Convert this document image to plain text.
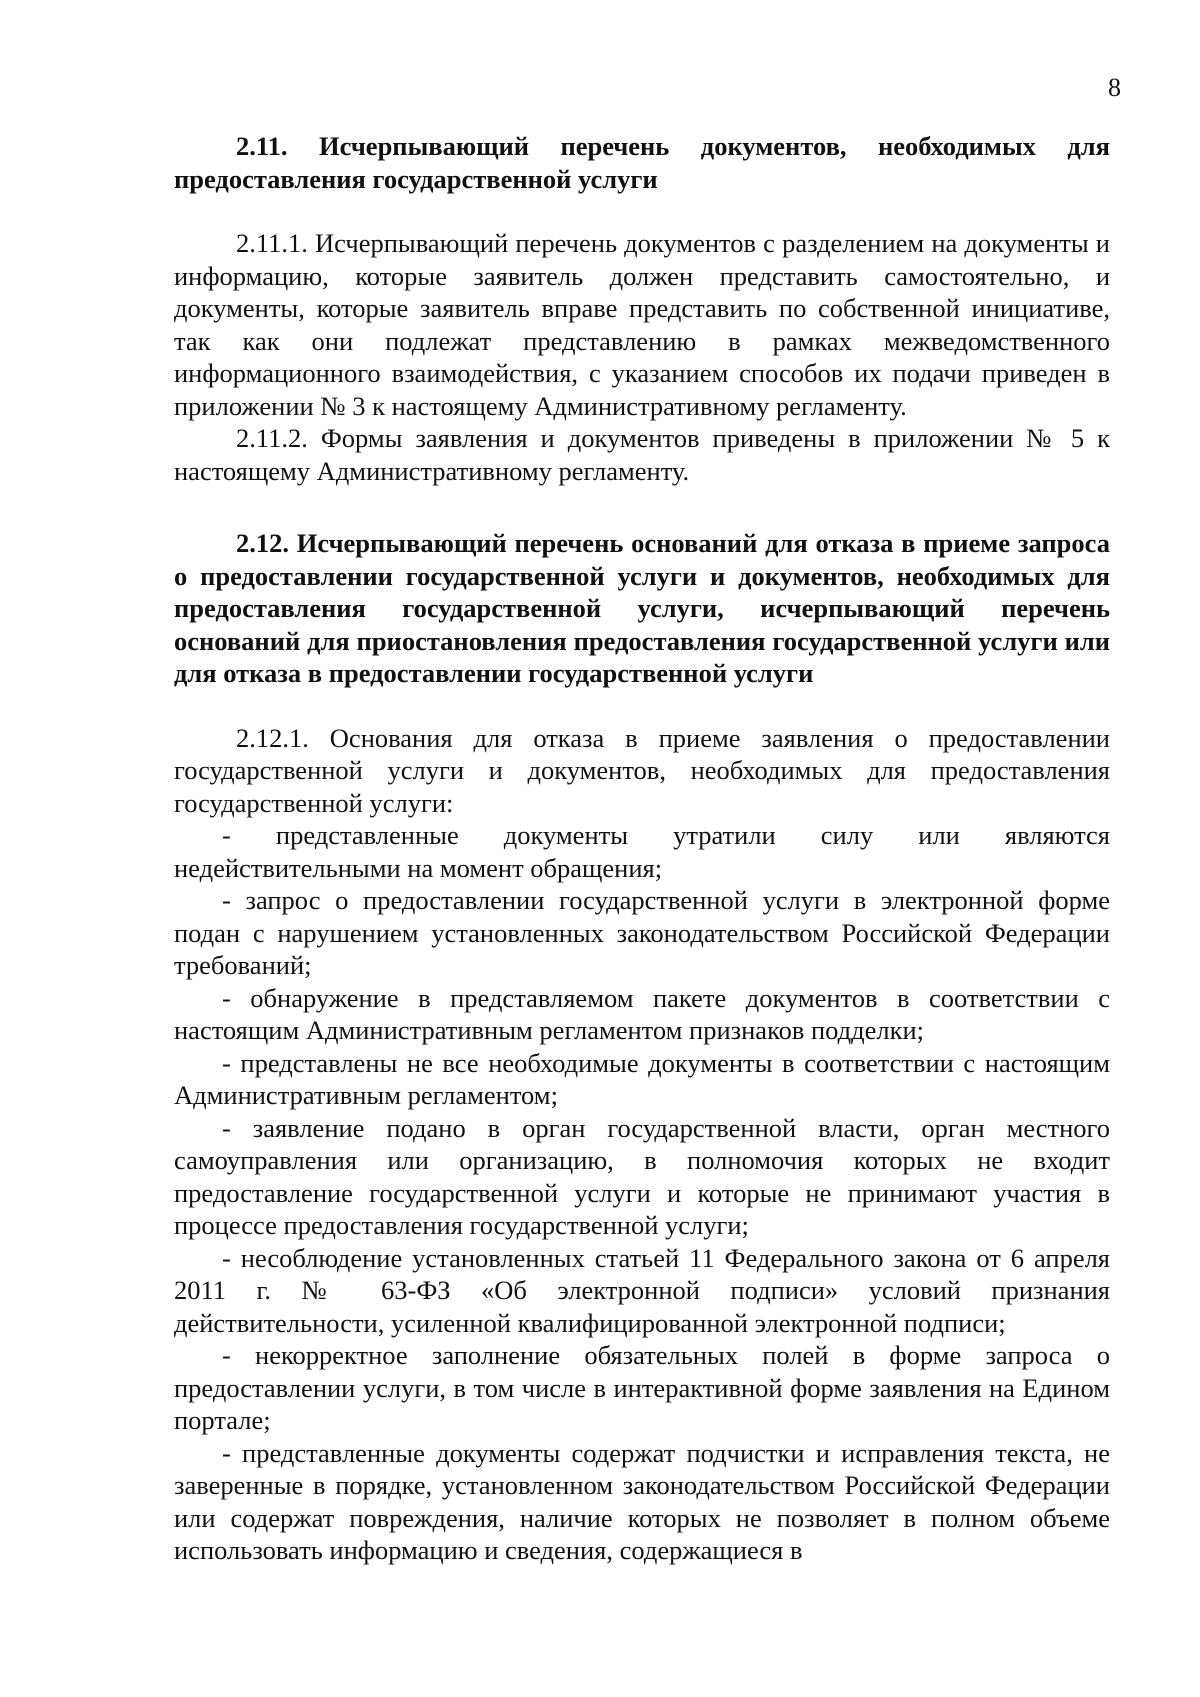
8

2.11. Исчерпывающий перечень документов, необходимых для предоставления государственной услуги

2.11.1. Исчерпывающий перечень документов с разделением на документы и информацию, которые заявитель должен представить самостоятельно, и документы, которые заявитель вправе представить по собственной инициативе, так как они подлежат представлению в рамках межведомственного информационного взаимодействия, с указанием способов их подачи приведен в приложении № 3 к настоящему Административному регламенту.

2.11.2. Формы заявления и документов приведены в приложении № 5 к настоящему Административному регламенту.

2.12. Исчерпывающий перечень оснований для отказа в приеме запроса о предоставлении государственной услуги и документов, необходимых для предоставления государственной услуги, исчерпывающий перечень оснований для приостановления предоставления государственной услуги или для отказа в предоставлении государственной услуги

2.12.1. Основания для отказа в приеме заявления о предоставлении государственной услуги и документов, необходимых для предоставления государственной услуги:

- представленные документы утратили силу или являются недействительными на момент обращения;

- запрос о предоставлении государственной услуги в электронной форме подан с нарушением установленных законодательством Российской Федерации требований;

- обнаружение в представляемом пакете документов в соответствии с настоящим Административным регламентом признаков подделки;

- представлены не все необходимые документы в соответствии с настоящим Административным регламентом;

- заявление подано в орган государственной власти, орган местного самоуправления или организацию, в полномочия которых не входит предоставление государственной услуги и которые не принимают участия в процессе предоставления государственной услуги;

- несоблюдение установленных статьей 11 Федерального закона от 6 апреля 2011 г. № 63-ФЗ «Об электронной подписи» условий признания действительности, усиленной квалифицированной электронной подписи;

- некорректное заполнение обязательных полей в форме запроса о предоставлении услуги, в том числе в интерактивной форме заявления на Едином портале;

- представленные документы содержат подчистки и исправления текста, не заверенные в порядке, установленном законодательством Российской Федерации или содержат повреждения, наличие которых не позволяет в полном объеме использовать информацию и сведения, содержащиеся в
